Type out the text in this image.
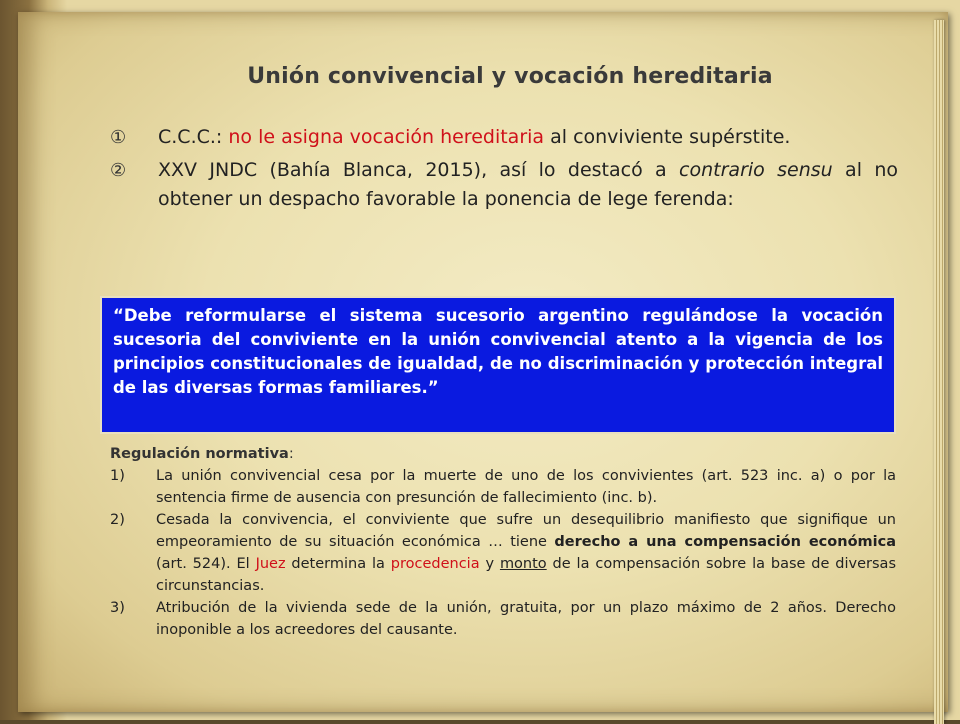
Unión convivencial y vocación hereditaria
①	C.C.C.: no le asigna vocación hereditaria al conviviente supérstite.
②	XXV JNDC (Bahía Blanca, 2015), así lo destacó a contrario sensu al no obtener un despacho favorable la ponencia de lege ferenda:
“Debe reformularse el sistema sucesorio argentino regulándose la vocación sucesoria del conviviente en la unión convivencial atento a la vigencia de los principios constitucionales de igualdad, de no discriminación y protección integral de las diversas formas familiares.”
Regulación normativa:
1)	La unión convivencial cesa por la muerte de uno de los convivientes (art. 523 inc. a) o por la sentencia firme de ausencia con presunción de fallecimiento (inc. b).
2)	Cesada la convivencia, el conviviente que sufre un desequilibrio manifiesto que signifique un empeoramiento de su situación económica … tiene derecho a una compensación económica (art. 524). El Juez determina la procedencia y monto de la compensación sobre la base de diversas circunstancias.
3)	Atribución de la vivienda sede de la unión, gratuita, por un plazo máximo de 2 años. Derecho inoponible a los acreedores del causante.
